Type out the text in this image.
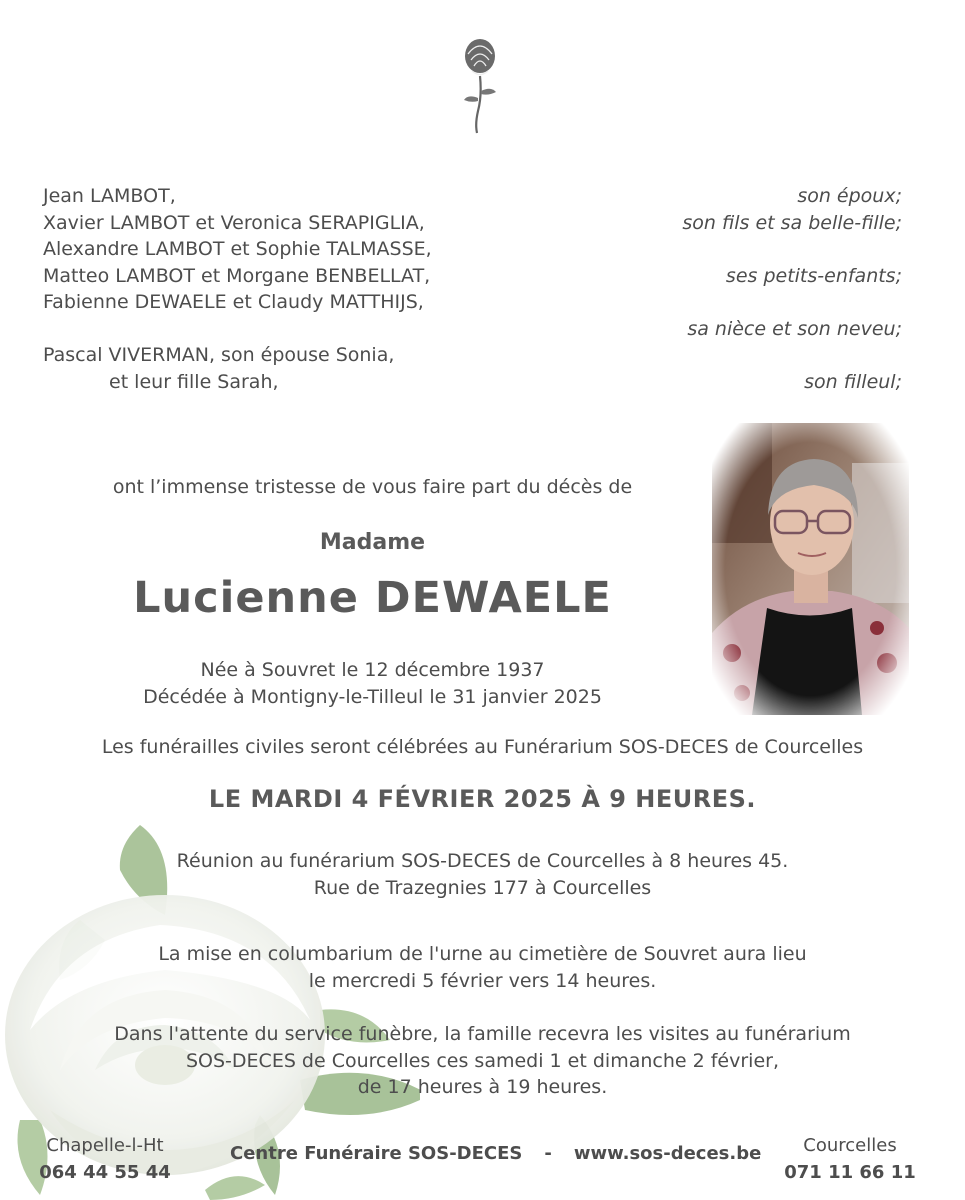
Jean LAMBOT,
Xavier LAMBOT et Veronica SERAPIGLIA,
Alexandre LAMBOT et Sophie TALMASSE,
Matteo LAMBOT et Morgane BENBELLAT,
Fabienne DEWAELE et Claudy MATTHIJS,
Pascal VIVERMAN, son épouse Sonia,
et leur fille Sarah,
son époux;
son fils et sa belle-fille;
ses petits-enfants;
sa nièce et son neveu;
son filleul;
ont l’immense tristesse de vous faire part du décès de
Madame
Lucienne DEWAELE
Née à Souvret le 12 décembre 1937
Décédée à Montigny-le-Tilleul le 31 janvier 2025
Les funérailles civiles seront célébrées au Funérarium SOS-DECES de Courcelles
LE MARDI 4 FÉVRIER 2025 À 9 HEURES.
Réunion au funérarium SOS-DECES de Courcelles à 8 heures 45.
Rue de Trazegnies 177 à Courcelles
La mise en columbarium de l'urne au cimetière de Souvret aura lieu
le mercredi 5 février vers 14 heures.
Dans l'attente du service funèbre, la famille recevra les visites au funérarium
SOS-DECES de Courcelles ces samedi 1 et dimanche 2 février,
de 17 heures à 19 heures.
Chapelle-l-Ht
064 44 55 44
Centre Funéraire SOS-DECES - www.sos-deces.be	Courcelles
071 11 66 11
